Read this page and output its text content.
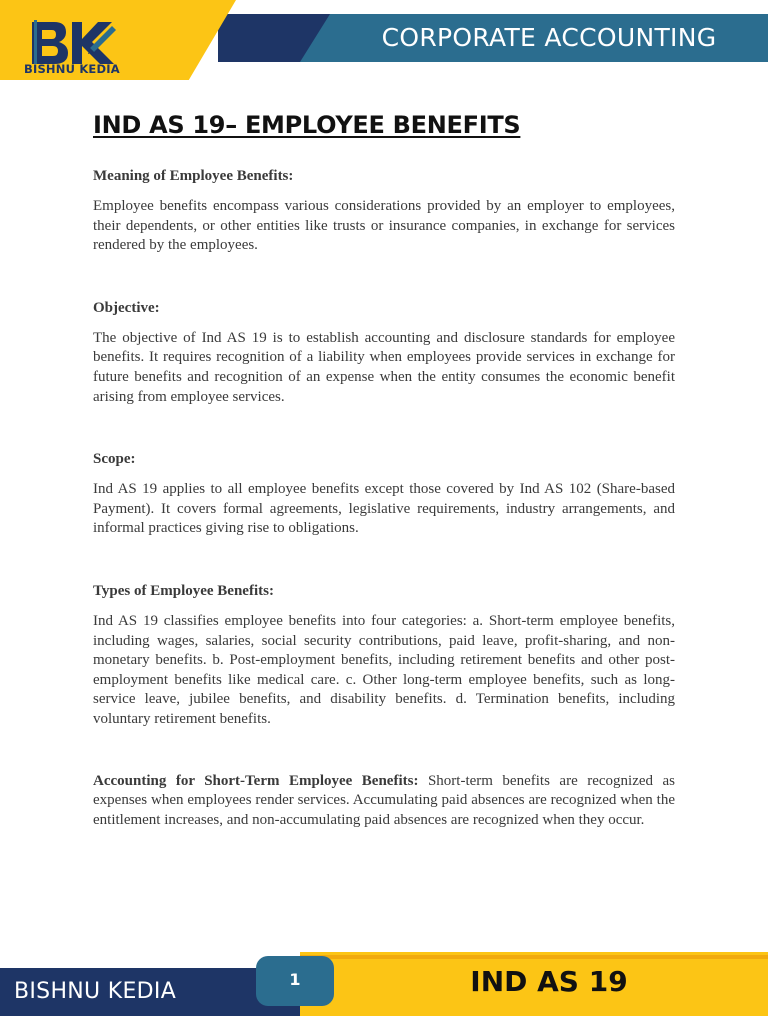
CORPORATE ACCOUNTING
BISHNU KEDIA
IND AS 19– EMPLOYEE BENEFITS

Meaning of Employee Benefits:

Employee benefits encompass various considerations provided by an employer to employees, their dependents, or other entities like trusts or insurance companies, in exchange for services rendered by the employees.

Objective:

The objective of Ind AS 19 is to establish accounting and disclosure standards for employee benefits. It requires recognition of a liability when employees provide services in exchange for future benefits and recognition of an expense when the entity consumes the economic benefit arising from employee services.

Scope:

Ind AS 19 applies to all employee benefits except those covered by Ind AS 102 (Share-based Payment). It covers formal agreements, legislative requirements, industry arrangements, and informal practices giving rise to obligations.

Types of Employee Benefits:

Ind AS 19 classifies employee benefits into four categories: a. Short-term employee benefits, including wages, salaries, social security contributions, paid leave, profit-sharing, and non-monetary benefits. b. Post-employment benefits, including retirement benefits and other post-employment benefits like medical care. c. Other long-term employee benefits, such as long-service leave, jubilee benefits, and disability benefits. d. Termination benefits, including voluntary retirement benefits.

Accounting for Short-Term Employee Benefits: Short-term benefits are recognized as expenses when employees render services. Accumulating paid absences are recognized when the entitlement increases, and non-accumulating paid absences are recognized when they occur.

BISHNU KEDIA	IND AS 19
1
